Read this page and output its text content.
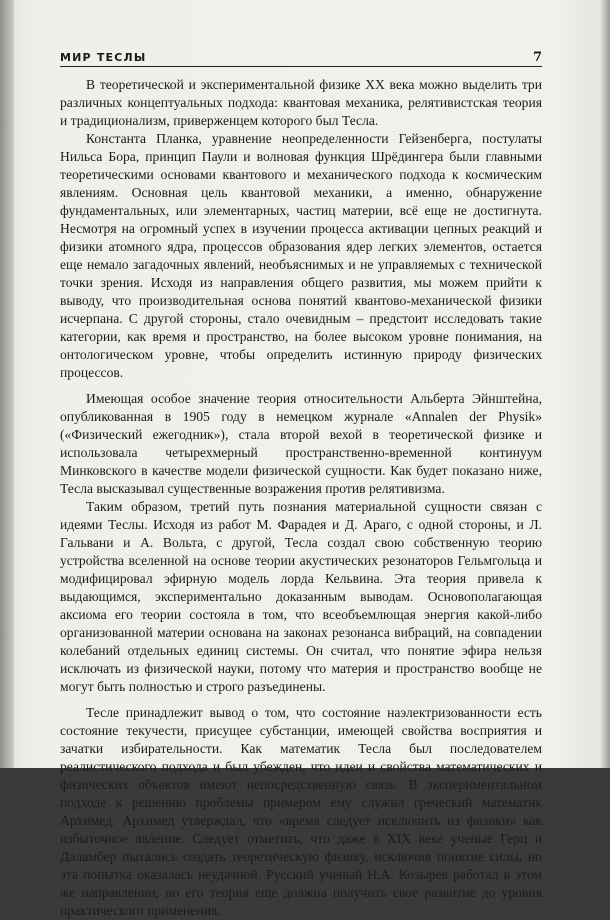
МИР ТЕСЛЫ	7

В теоретической и экспериментальной физике XX века можно выделить три различных концептуальных подхода: квантовая механика, релятивистская теория и традиционализм, приверженцем которого был Тесла.

Константа Планка, уравнение неопределенности Гейзенберга, постулаты Нильса Бора, принцип Паули и волновая функция Шрёдингера были главными теоретическими основами квантового и механического подхода к космическим явлениям. Основная цель квантовой механики, а именно, обнаружение фундаментальных, или элементарных, частиц материи, всё еще не достигнута. Несмотря на огромный успех в изучении процесса активации цепных реакций и физики атомного ядра, процессов образования ядер легких элементов, остается еще немало загадочных явлений, необъяснимых и не управляемых с технической точки зрения. Исходя из направления общего развития, мы можем прийти к выводу, что производительная основа понятий квантово-механической физики исчерпана. С другой стороны, стало очевидным – предстоит исследовать такие категории, как время и пространство, на более высоком уровне понимания, на онтологическом уровне, чтобы определить истинную природу физических процессов.

Имеющая особое значение теория относительности Альберта Эйнштейна, опубликованная в 1905 году в немецком журнале «Annalen der Physik» («Физический ежегодник»), стала второй вехой в теоретической физике и использовала четырехмерный пространственно-временной континуум Минковского в качестве модели физической сущности. Как будет показано ниже, Тесла высказывал существенные возражения против релятивизма.

Таким образом, третий путь познания материальной сущности связан с идеями Теслы. Исходя из работ М. Фарадея и Д. Араго, с одной стороны, и Л. Гальвани и А. Вольта, с другой, Тесла создал свою собственную теорию устройства вселенной на основе теории акустических резонаторов Гельмгольца и модифицировал эфирную модель лорда Кельвина. Эта теория привела к выдающимся, экспериментально доказанным выводам. Основополагающая аксиома его теории состояла в том, что всеобъемлющая энергия какой-либо организованной материи основана на законах резонанса вибраций, на совпадении колебаний отдельных единиц системы. Он считал, что понятие эфира нельзя исключать из физической науки, потому что материя и пространство вообще не могут быть полностью и строго разъединены.

Тесле принадлежит вывод о том, что состояние наэлектризованности есть состояние текучести, присущее субстанции, имеющей свойства восприятия и зачатки избирательности. Как математик Тесла был последователем реалистического подхода и был убежден, что идеи и свойства математических и физических объектов имеют непосредственную связь. В экспериментальном подходе к решению проблемы примером ему служил греческий математик Архимед. Архимед утверждал, что «время следует исключить из физики» как избыточное явление. Следует отметить, что даже в XIX веке ученые Герц и Даламбер пытались создать теоретическую физику, исключив понятие силы, но эта попытка оказалась неудачной. Русский ученый Н.А. Козырев работал в этом же направлении, но его теория еще должна получить свое развитие до уровня практического применения.
